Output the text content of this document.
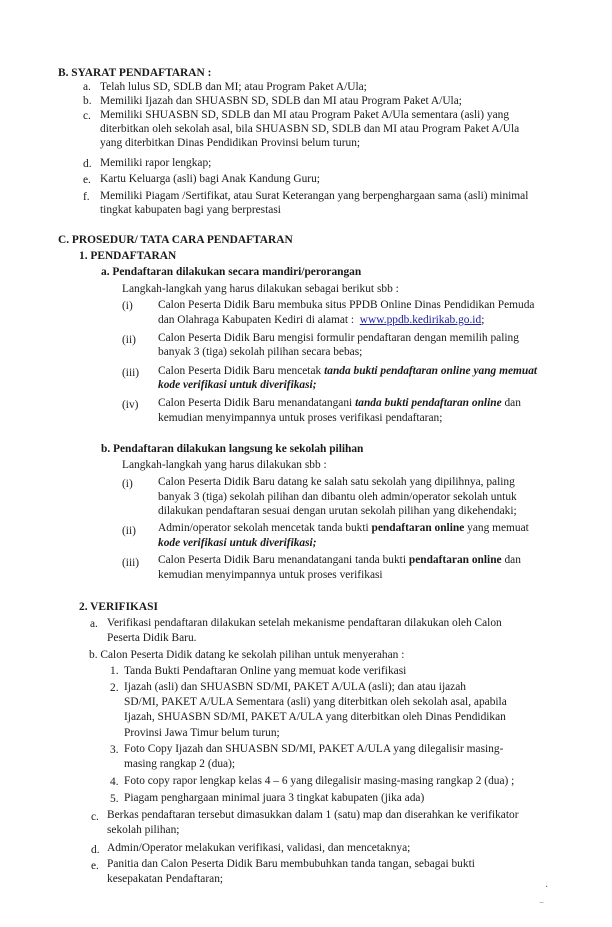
B. SYARAT PENDAFTARAN :
a. Telah lulus SD, SDLB dan MI; atau Program Paket A/Ula;
b. Memiliki Ijazah dan SHUASBN SD, SDLB dan MI atau Program Paket A/Ula;
c. Memiliki SHUASBN SD, SDLB dan MI atau Program Paket A/Ula sementara (asli) yang
diterbitkan oleh sekolah asal, bila SHUASBN SD, SDLB dan MI atau Program Paket A/Ula
yang diterbitkan Dinas Pendidikan Provinsi belum turun;
d. Memiliki rapor lengkap;
e. Kartu Keluarga (asli) bagi Anak Kandung Guru;
f. Memiliki Piagam /Sertifikat, atau Surat Keterangan yang berpenghargaan sama (asli) minimal
tingkat kabupaten bagi yang berprestasi
C. PROSEDUR/ TATA CARA PENDAFTARAN
1. PENDAFTARAN
a. Pendaftaran dilakukan secara mandiri/perorangan
Langkah-langkah yang harus dilakukan sebagai berikut sbb :
(i) Calon Peserta Didik Baru membuka situs PPDB Online Dinas Pendidikan Pemuda
dan Olahraga Kabupaten Kediri di alamat : www.ppdb.kedirikab.go.id;
(ii) Calon Peserta Didik Baru mengisi formulir pendaftaran dengan memilih paling
banyak 3 (tiga) sekolah pilihan secara bebas;
(iii) Calon Peserta Didik Baru mencetak tanda bukti pendaftaran online yang memuat
kode verifikasi untuk diverifikasi;
(iv) Calon Peserta Didik Baru menandatangani tanda bukti pendaftaran online dan
kemudian menyimpannya untuk proses verifikasi pendaftaran;
b. Pendaftaran dilakukan langsung ke sekolah pilihan
Langkah-langkah yang harus dilakukan sbb :
(i) Calon Peserta Didik Baru datang ke salah satu sekolah yang dipilihnya, paling
banyak 3 (tiga) sekolah pilihan dan dibantu oleh admin/operator sekolah untuk
dilakukan pendaftaran sesuai dengan urutan sekolah pilihan yang dikehendaki;
(ii) Admin/operator sekolah mencetak tanda bukti pendaftaran online yang memuat
kode verifikasi untuk diverifikasi;
(iii) Calon Peserta Didik Baru menandatangani tanda bukti pendaftaran online dan
kemudian menyimpannya untuk proses verifikasi
2. VERIFIKASI
a. Verifikasi pendaftaran dilakukan setelah mekanisme pendaftaran dilakukan oleh Calon
Peserta Didik Baru.
b. Calon Peserta Didik datang ke sekolah pilihan untuk menyerahan :
1. Tanda Bukti Pendaftaran Online yang memuat kode verifikasi
2. Ijazah (asli) dan SHUASBN SD/MI, PAKET A/ULA (asli); dan atau ijazah
SD/MI, PAKET A/ULA Sementara (asli) yang diterbitkan oleh sekolah asal, apabila
Ijazah, SHUASBN SD/MI, PAKET A/ULA yang diterbitkan oleh Dinas Pendidikan
Provinsi Jawa Timur belum turun;
3. Foto Copy Ijazah dan SHUASBN SD/MI, PAKET A/ULA yang dilegalisir masing-
masing rangkap 2 (dua);
4. Foto copy rapor lengkap kelas 4 – 6 yang dilegalisir masing-masing rangkap 2 (dua) ;
5. Piagam penghargaan minimal juara 3 tingkat kabupaten (jika ada)
c. Berkas pendaftaran tersebut dimasukkan dalam 1 (satu) map dan diserahkan ke verifikator
sekolah pilihan;
d. Admin/Operator melakukan verifikasi, validasi, dan mencetaknya;
e. Panitia dan Calon Peserta Didik Baru membubuhkan tanda tangan, sebagai bukti
kesepakatan Pendaftaran;
·
‾
